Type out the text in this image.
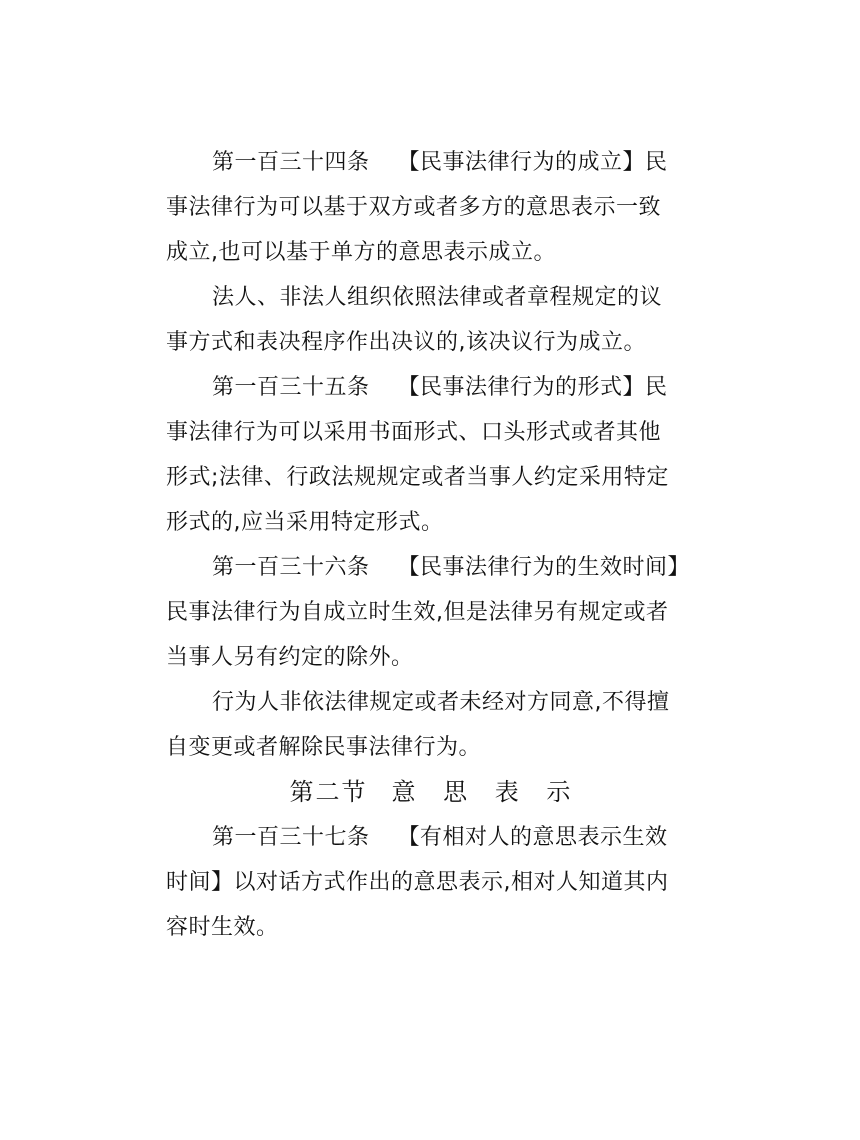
第一百三十四条 【民事法律行为的成立】民
事法律行为可以基于双方或者多方的意思表示一致
成立,也可以基于单方的意思表示成立。
法人、非法人组织依照法律或者章程规定的议
事方式和表决程序作出决议的,该决议行为成立。
第一百三十五条 【民事法律行为的形式】民
事法律行为可以采用书面形式、口头形式或者其他
形式;法律、行政法规规定或者当事人约定采用特定
形式的,应当采用特定形式。
第一百三十六条 【民事法律行为的生效时间】
民事法律行为自成立时生效,但是法律另有规定或者
当事人另有约定的除外。
行为人非依法律规定或者未经对方同意,不得擅
自变更或者解除民事法律行为。
第二节 意 思 表 示
第一百三十七条 【有相对人的意思表示生效
时间】以对话方式作出的意思表示,相对人知道其内
容时生效。
